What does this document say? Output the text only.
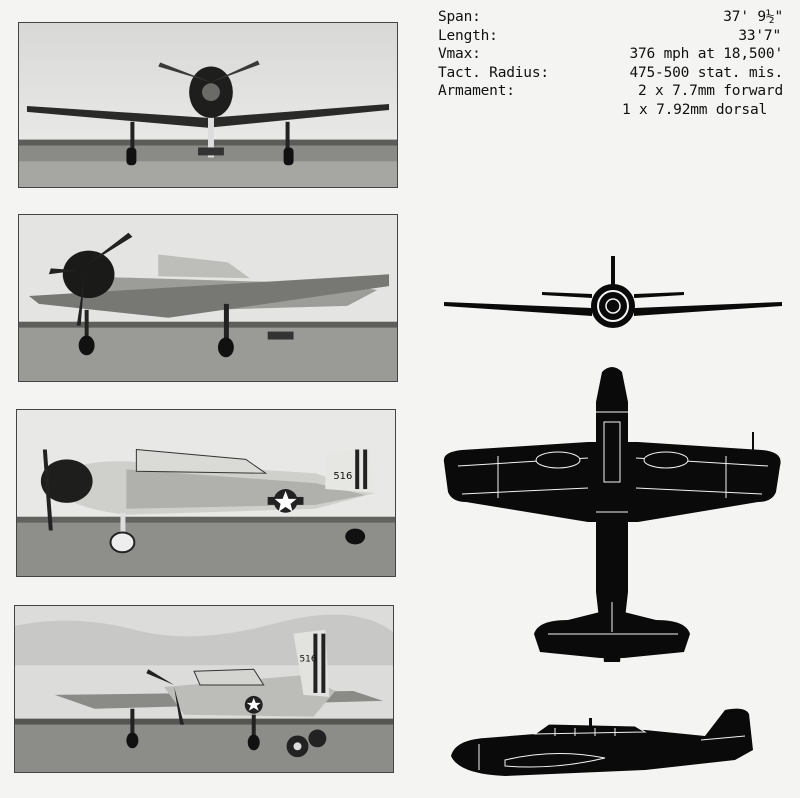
516
516
Span:	37' 9½"
Length:	33'7"
Vmax:	376 mph at 18,500'
Tact. Radius:	475-500 stat. mis.
Armament:	2 x 7.7mm forward
1 x 7.92mm dorsal
